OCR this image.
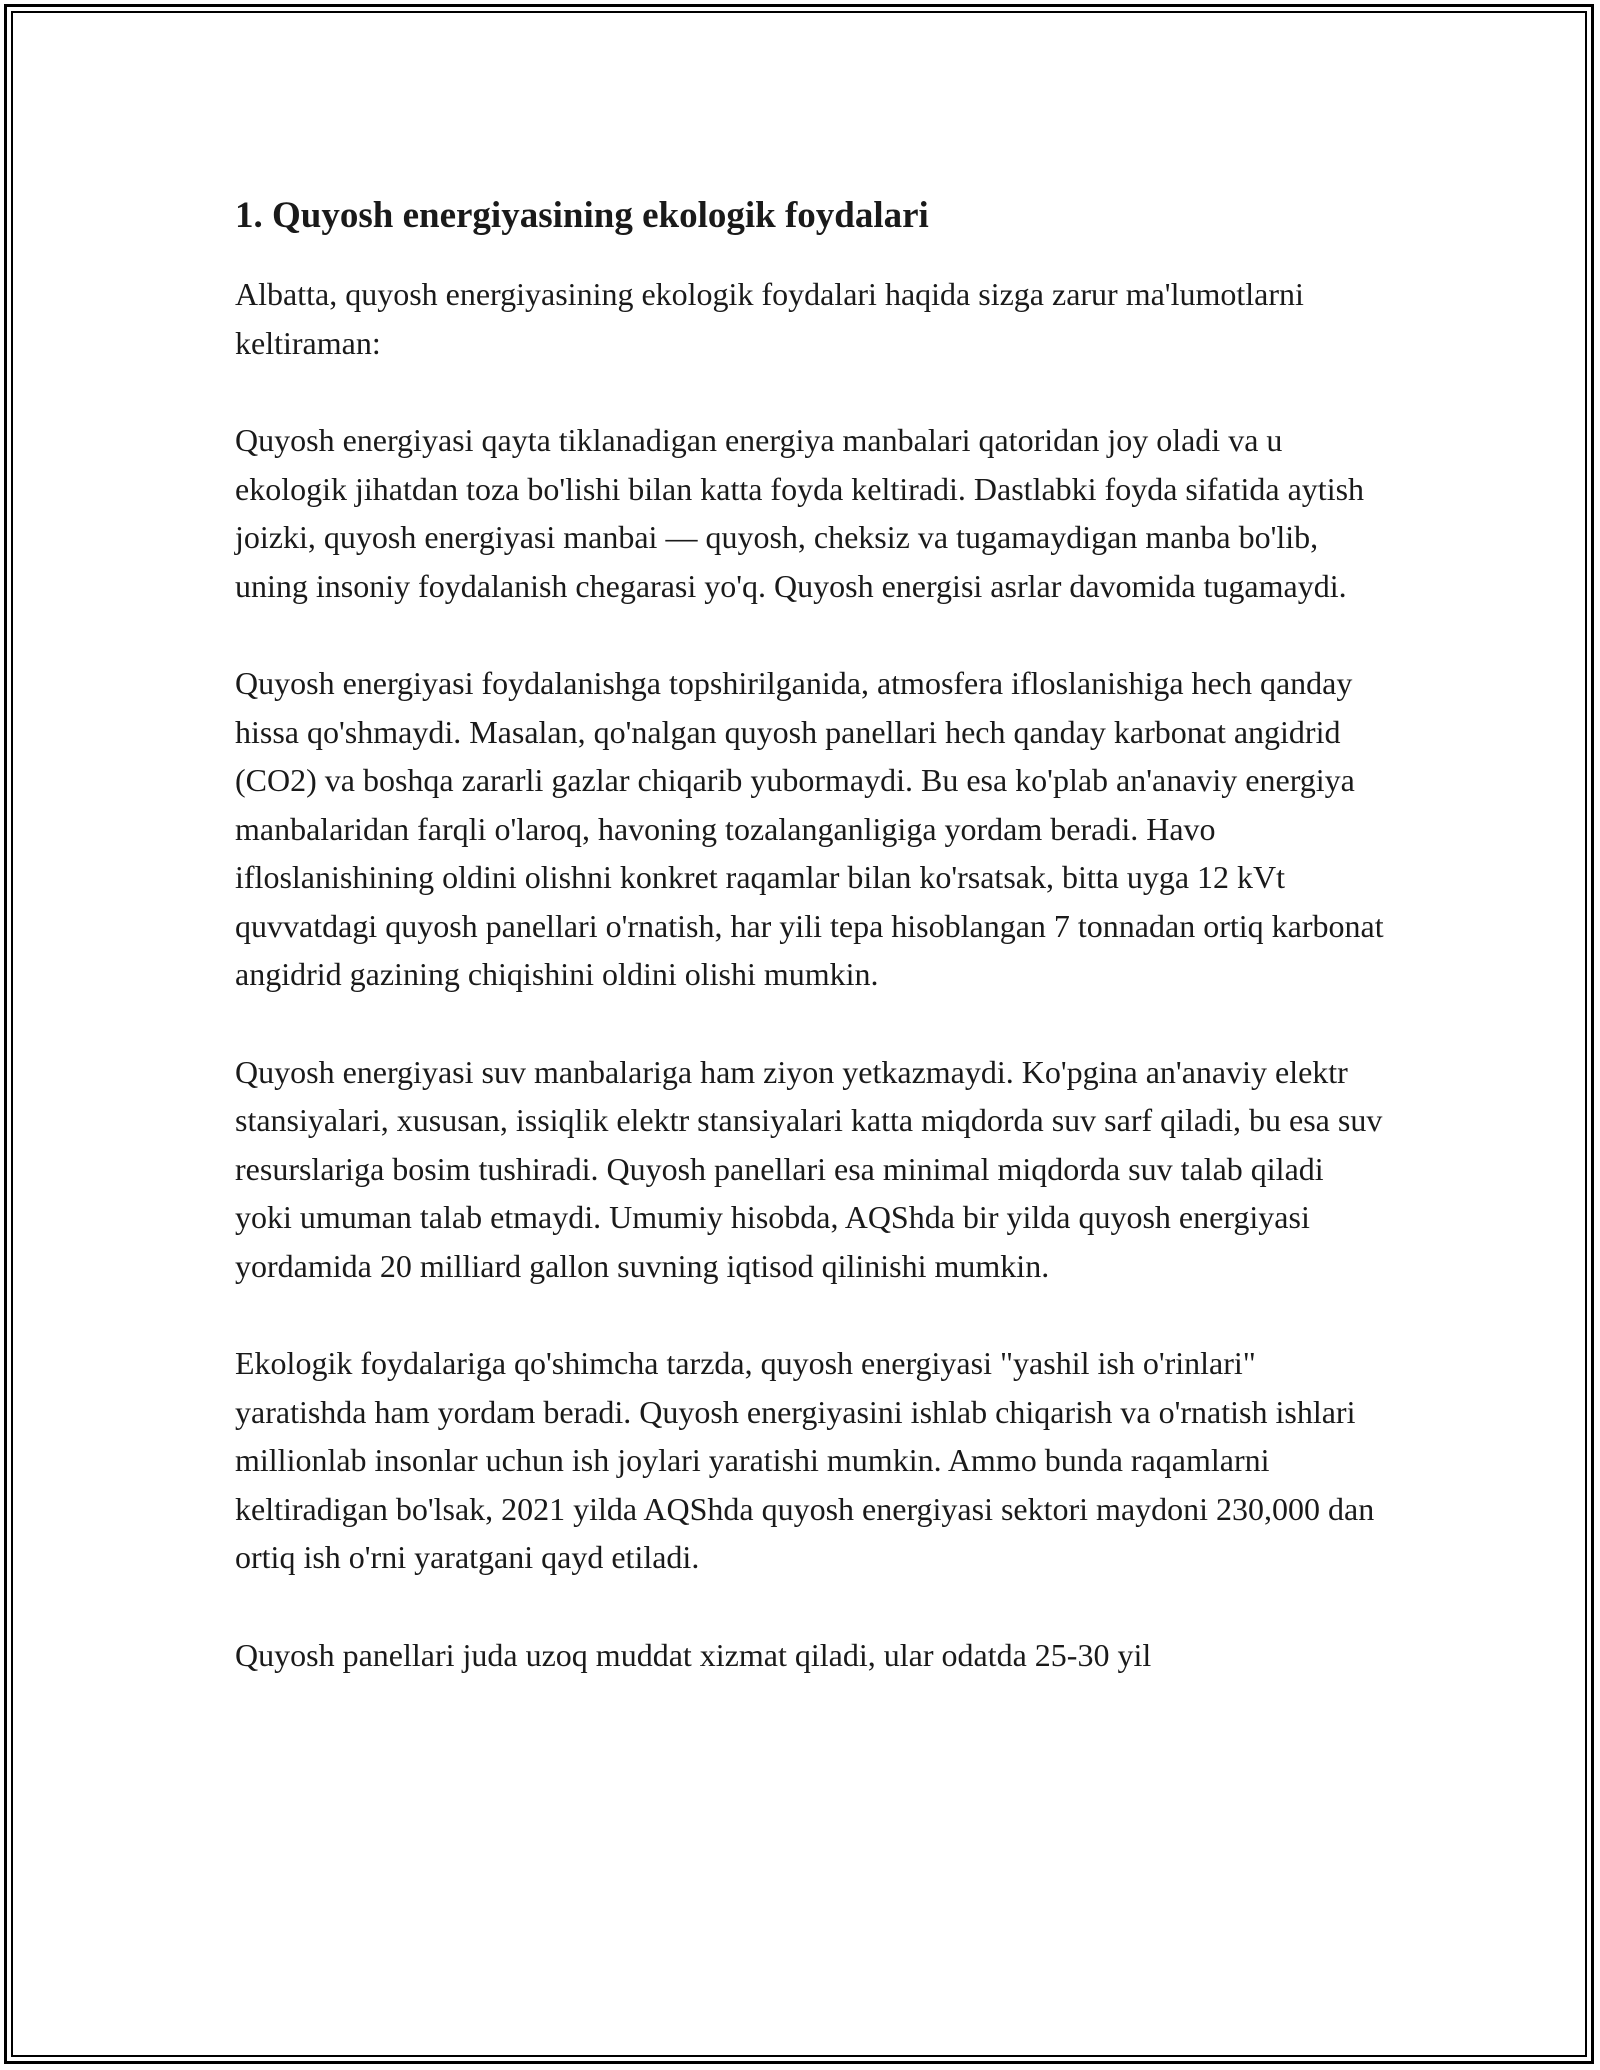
1. Quyosh energiyasining ekologik foydalari

Albatta, quyosh energiyasining ekologik foydalari haqida sizga zarur ma'lumotlarni keltiraman:

Quyosh energiyasi qayta tiklanadigan energiya manbalari qatoridan joy oladi va u ekologik jihatdan toza bo'lishi bilan katta foyda keltiradi. Dastlabki foyda sifatida aytish joizki, quyosh energiyasi manbai — quyosh, cheksiz va tugamaydigan manba bo'lib, uning insoniy foydalanish chegarasi yo'q. Quyosh energisi asrlar davomida tugamaydi.

Quyosh energiyasi foydalanishga topshirilganida, atmosfera ifloslanishiga hech qanday hissa qo'shmaydi. Masalan, qo'nalgan quyosh panellari hech qanday karbonat angidrid (CO2) va boshqa zararli gazlar chiqarib yubormaydi. Bu esa ko'plab an'anaviy energiya manbalaridan farqli o'laroq, havoning tozalanganligiga yordam beradi. Havo ifloslanishining oldini olishni konkret raqamlar bilan ko'rsatsak, bitta uyga 12 kVt quvvatdagi quyosh panellari o'rnatish, har yili tepa hisoblangan 7 tonnadan ortiq karbonat angidrid gazining chiqishini oldini olishi mumkin.

Quyosh energiyasi suv manbalariga ham ziyon yetkazmaydi. Ko'pgina an'anaviy elektr stansiyalari, xususan, issiqlik elektr stansiyalari katta miqdorda suv sarf qiladi, bu esa suv resurslariga bosim tushiradi. Quyosh panellari esa minimal miqdorda suv talab qiladi yoki umuman talab etmaydi. Umumiy hisobda, AQShda bir yilda quyosh energiyasi yordamida 20 milliard gallon suvning iqtisod qilinishi mumkin.

Ekologik foydalariga qo'shimcha tarzda, quyosh energiyasi "yashil ish o'rinlari" yaratishda ham yordam beradi. Quyosh energiyasini ishlab chiqarish va o'rnatish ishlari millionlab insonlar uchun ish joylari yaratishi mumkin. Ammo bunda raqamlarni keltiradigan bo'lsak, 2021 yilda AQShda quyosh energiyasi sektori maydoni 230,000 dan ortiq ish o'rni yaratgani qayd etiladi.

Quyosh panellari juda uzoq muddat xizmat qiladi, ular odatda 25-30 yil
